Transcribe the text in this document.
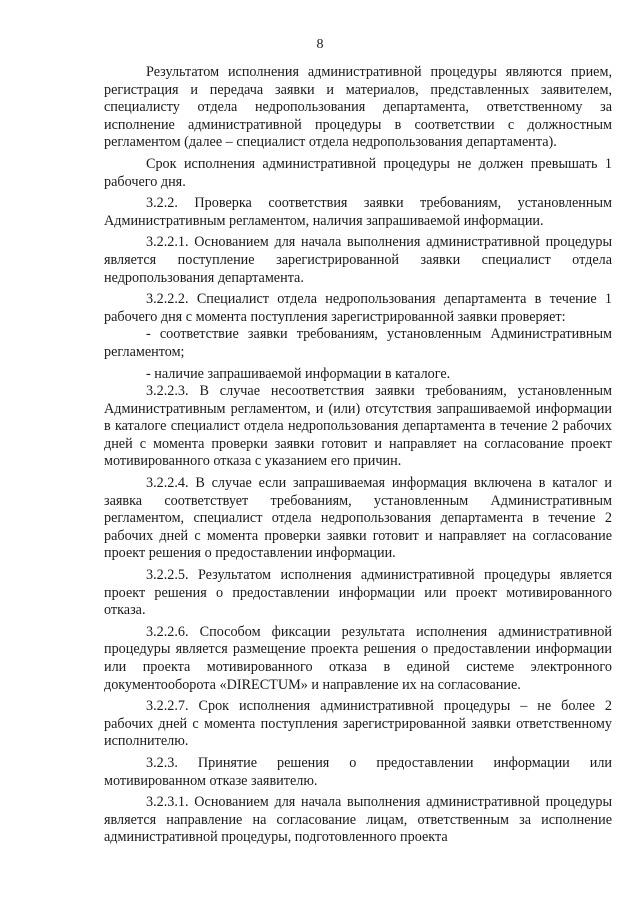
8

Результатом исполнения административной процедуры являются прием, регистрация и передача заявки и материалов, представленных заявителем, специалисту отдела недропользования департамента, ответственному за исполнение административной процедуры в соответствии с должностным регламентом (далее – специалист отдела недропользования департамента).

Срок исполнения административной процедуры не должен превышать 1 рабочего дня.

3.2.2. Проверка соответствия заявки требованиям, установленным Административным регламентом, наличия запрашиваемой информации.

3.2.2.1. Основанием для начала выполнения административной процедуры является поступление зарегистрированной заявки специалист отдела недропользования департамента.

3.2.2.2. Специалист отдела недропользования департамента в течение 1 рабочего дня с момента поступления зарегистрированной заявки проверяет:

- соответствие заявки требованиям, установленным Административным регламентом;

- наличие запрашиваемой информации в каталоге.

3.2.2.3. В случае несоответствия заявки требованиям, установленным Административным регламентом, и (или) отсутствия запрашиваемой информации в каталоге специалист отдела недропользования департамента в течение 2 рабочих дней с момента проверки заявки готовит и направляет на согласование проект мотивированного отказа с указанием его причин.

3.2.2.4. В случае если запрашиваемая информация включена в каталог и заявка соответствует требованиям, установленным Административным регламентом, специалист отдела недропользования департамента в течение 2 рабочих дней с момента проверки заявки готовит и направляет на согласование проект решения о предоставлении информации.

3.2.2.5. Результатом исполнения административной процедуры является проект решения о предоставлении информации или проект мотивированного отказа.

3.2.2.6. Способом фиксации результата исполнения административной процедуры является размещение проекта решения о предоставлении информации или проекта мотивированного отказа в единой системе электронного документооборота «DIRECTUM» и направление их на согласование.

3.2.2.7. Срок исполнения административной процедуры – не более 2 рабочих дней с момента поступления зарегистрированной заявки ответственному исполнителю.

3.2.3. Принятие решения о предоставлении информации или мотивированном отказе заявителю.

3.2.3.1. Основанием для начала выполнения административной процедуры является направление на согласование лицам, ответственным за исполнение административной процедуры, подготовленного проекта
